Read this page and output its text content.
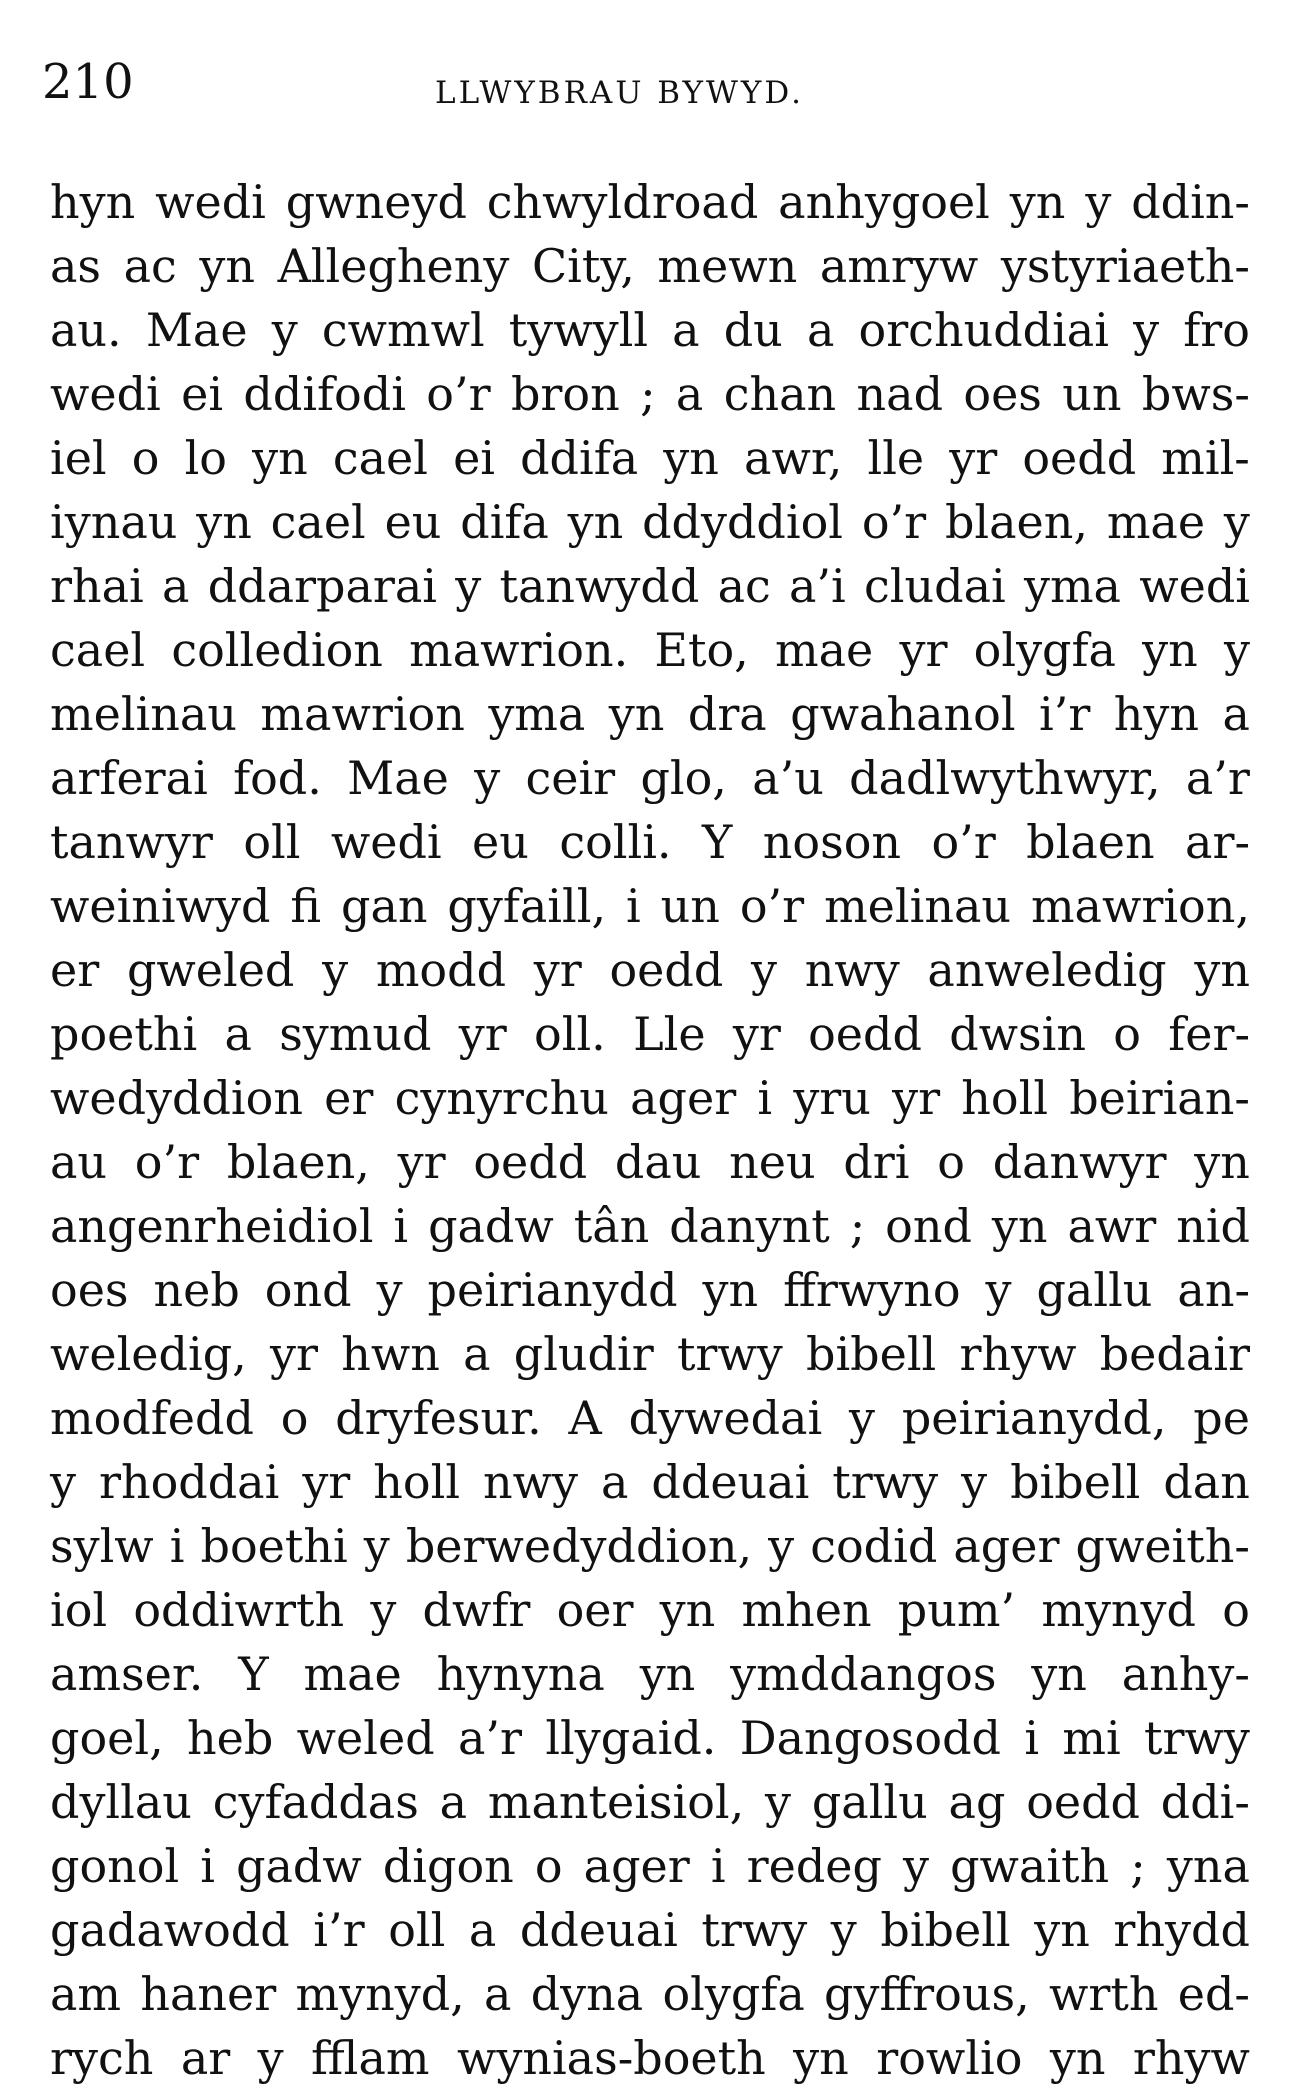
210	LLWYBRAU BYWYD.
hyn wedi gwneyd chwyldroad anhygoel yn y ddin-
as ac yn Allegheny City, mewn amryw ystyriaeth-
au. Mae y cwmwl tywyll a du a orchuddiai y fro
wedi ei ddifodi o’r bron ; a chan nad oes un bws-
iel o lo yn cael ei ddifa yn awr, lle yr oedd mil-
iynau yn cael eu difa yn ddyddiol o’r blaen, mae y
rhai a ddarparai y tanwydd ac a’i cludai yma wedi
cael colledion mawrion. Eto, mae yr olygfa yn y
melinau mawrion yma yn dra gwahanol i’r hyn a
arferai fod. Mae y ceir glo, a’u dadlwythwyr, a’r
tanwyr oll wedi eu colli. Y noson o’r blaen ar-
weiniwyd fi gan gyfaill, i un o’r melinau mawrion,
er gweled y modd yr oedd y nwy anweledig yn
poethi a symud yr oll. Lle yr oedd dwsin o fer-
wedyddion er cynyrchu ager i yru yr holl beirian-
au o’r blaen, yr oedd dau neu dri o danwyr yn
angenrheidiol i gadw tân danynt ; ond yn awr nid
oes neb ond y peirianydd yn ffrwyno y gallu an-
weledig, yr hwn a gludir trwy bibell rhyw bedair
modfedd o dryfesur. A dywedai y peirianydd, pe
y rhoddai yr holl nwy a ddeuai trwy y bibell dan
sylw i boethi y berwedyddion, y codid ager gweith-
iol oddiwrth y dwfr oer yn mhen pum’ mynyd o
amser. Y mae hynyna yn ymddangos yn anhy-
goel, heb weled a’r llygaid. Dangosodd i mi trwy
dyllau cyfaddas a manteisiol, y gallu ag oedd ddi-
gonol i gadw digon o ager i redeg y gwaith ; yna
gadawodd i’r oll a ddeuai trwy y bibell yn rhydd
am haner mynyd, a dyna olygfa gyffrous, wrth ed-
rych ar y fflam wynias-boeth yn rowlio yn rhyw
